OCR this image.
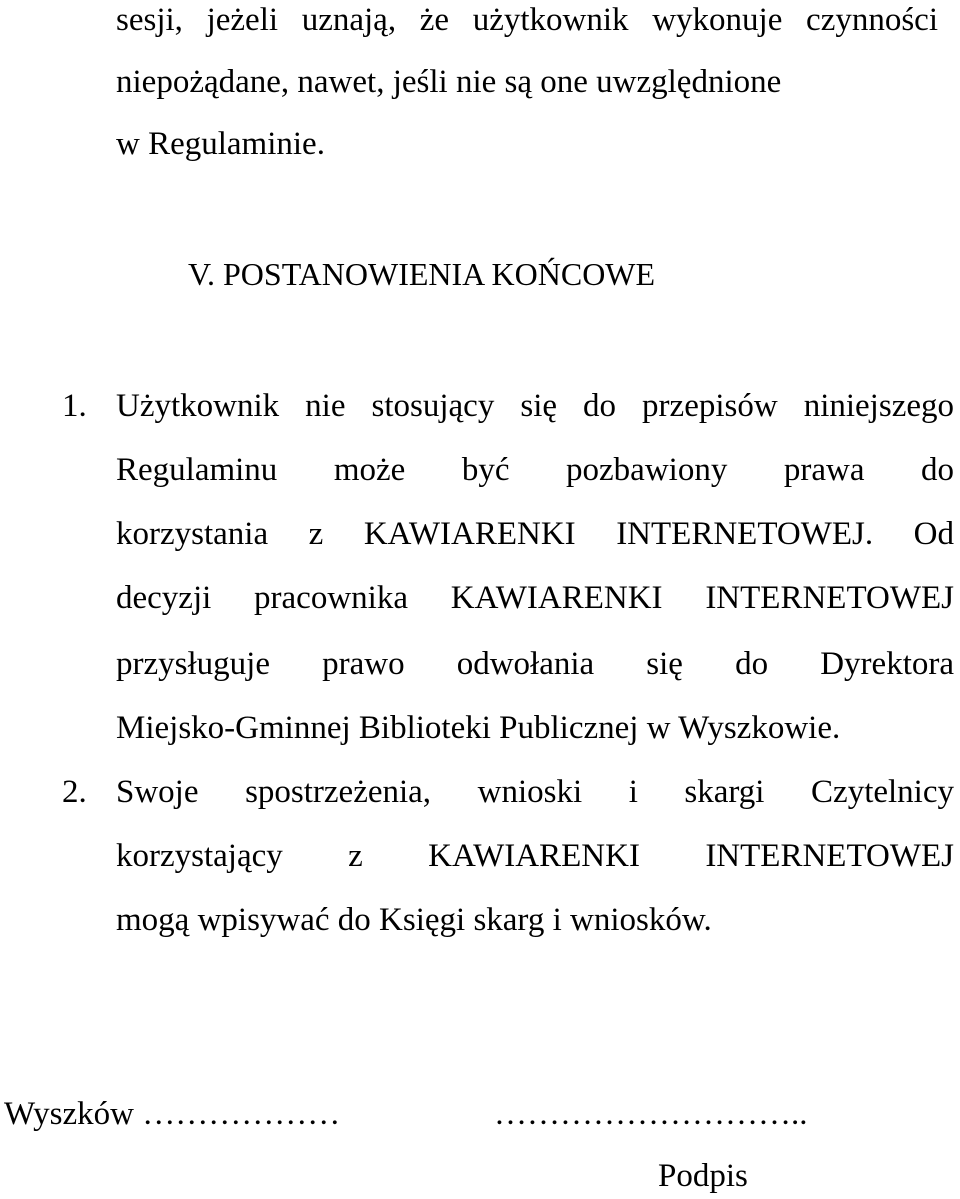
sesji, jeżeli uznają, że użytkownik wykonuje czynności

niepożądane, nawet, jeśli nie są one uwzględnione

w Regulaminie.

V. POSTANOWIENIA KOŃCOWE

1. Użytkownik nie stosujący się do przepisów niniejszego

Regulaminu może być pozbawiony prawa do

korzystania z KAWIARENKI INTERNETOWEJ. Od

decyzji pracownika KAWIARENKI INTERNETOWEJ

przysługuje prawo odwołania się do Dyrektora

Miejsko-Gminnej Biblioteki Publicznej w Wyszkowie.

2. Swoje spostrzeżenia, wnioski i skargi Czytelnicy

korzystający z KAWIARENKI INTERNETOWEJ

mogą wpisywać do Księgi skarg i wniosków.

Wyszków ………………	………………………..

Podpis
